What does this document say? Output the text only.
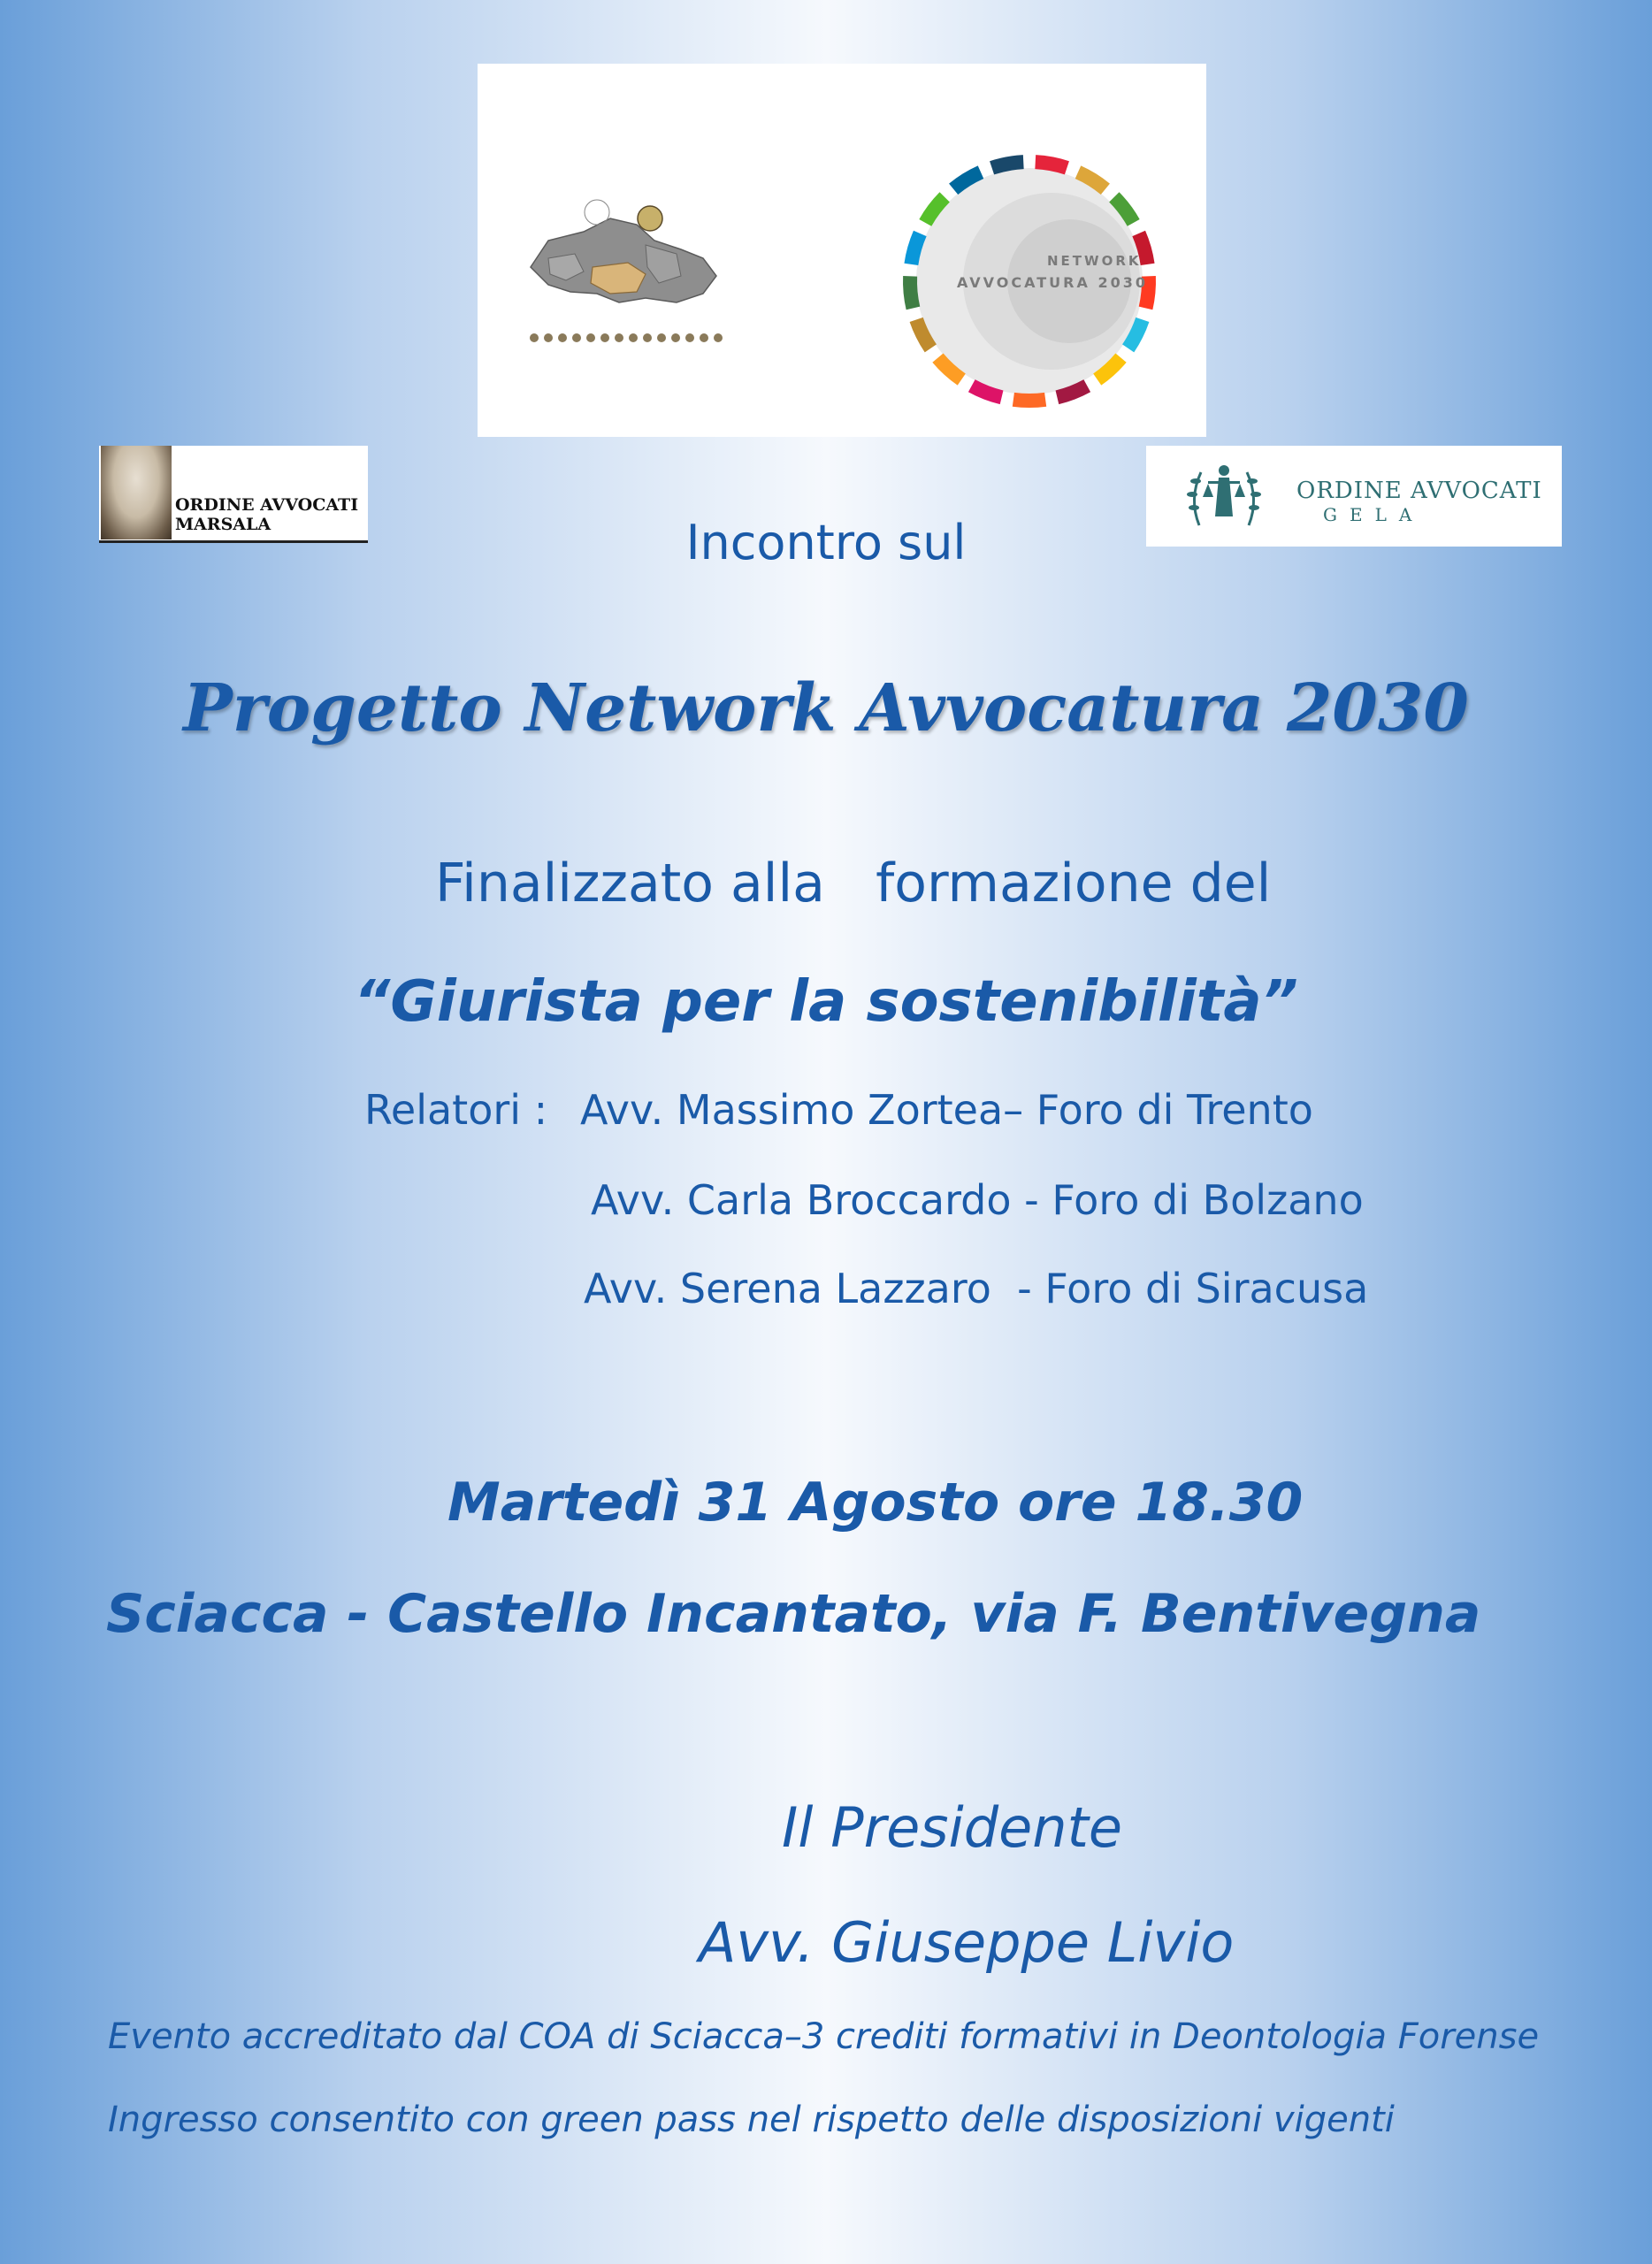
NETWORK
AVVOCATURA 2030
ORDINE AVVOCATI
MARSALA
ORDINE AVVOCATI
GELA
Incontro sul
Progetto Network Avvocatura 2030
Finalizzato alla   formazione del
“Giurista per la sostenibilità”
Relatori : Avv. Massimo Zortea– Foro di Trento
Avv. Carla Broccardo - Foro di Bolzano
Avv. Serena Lazzaro  - Foro di Siracusa
Martedì 31 Agosto ore 18.30
Sciacca - Castello Incantato, via F. Bentivegna
Il Presidente
Avv. Giuseppe Livio
Evento accreditato dal COA di Sciacca–3 crediti formativi in Deontologia Forense
Ingresso consentito con green pass nel rispetto delle disposizioni vigenti
